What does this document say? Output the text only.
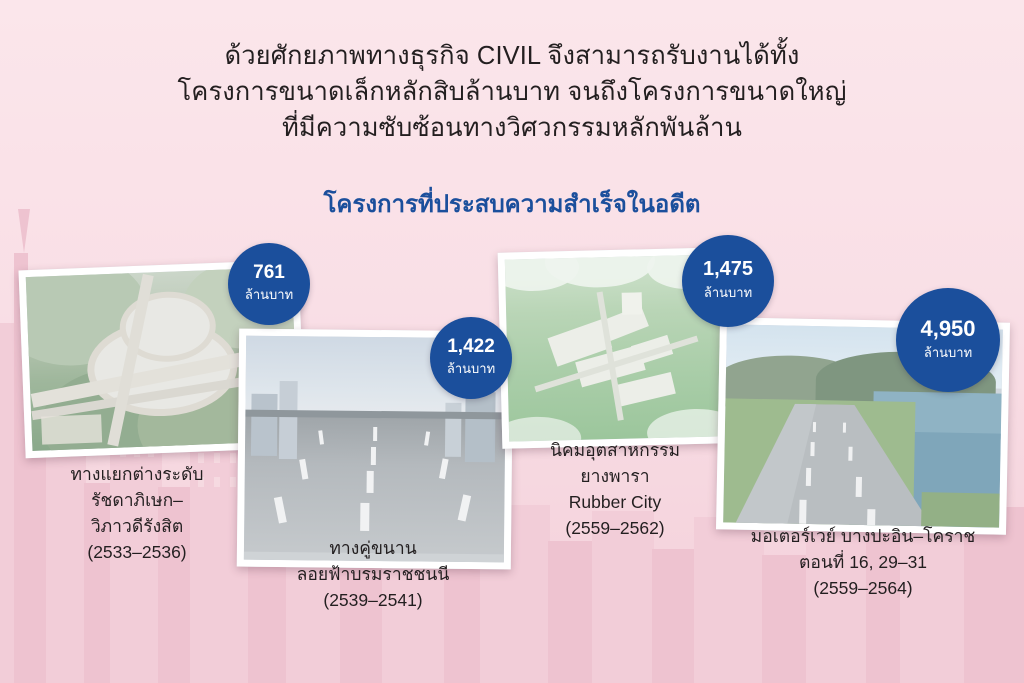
ด้วยศักยภาพทางธุรกิจ CIVIL จึงสามารถรับงานได้ทั้ง
โครงการขนาดเล็กหลักสิบล้านบาท จนถึงโครงการขนาดใหญ่
ที่มีความซับซ้อนทางวิศวกรรมหลักพันล้าน
โครงการที่ประสบความสำเร็จในอดีต
761
ล้านบาท
1,422
ล้านบาท
1,475
ล้านบาท
4,950
ล้านบาท
ทางแยกต่างระดับ
รัชดาภิเษก–
วิภาวดีรังสิต
(2533–2536)	ทางคู่ขนาน
ลอยฟ้าบรมราชชนนี
(2539–2541)
นิคมอุตสาหกรรม
ยางพารา
Rubber City
(2559–2562)	มอเตอร์เวย์ บางปะอิน–โคราช
ตอนที่ 16, 29–31
(2559–2564)
